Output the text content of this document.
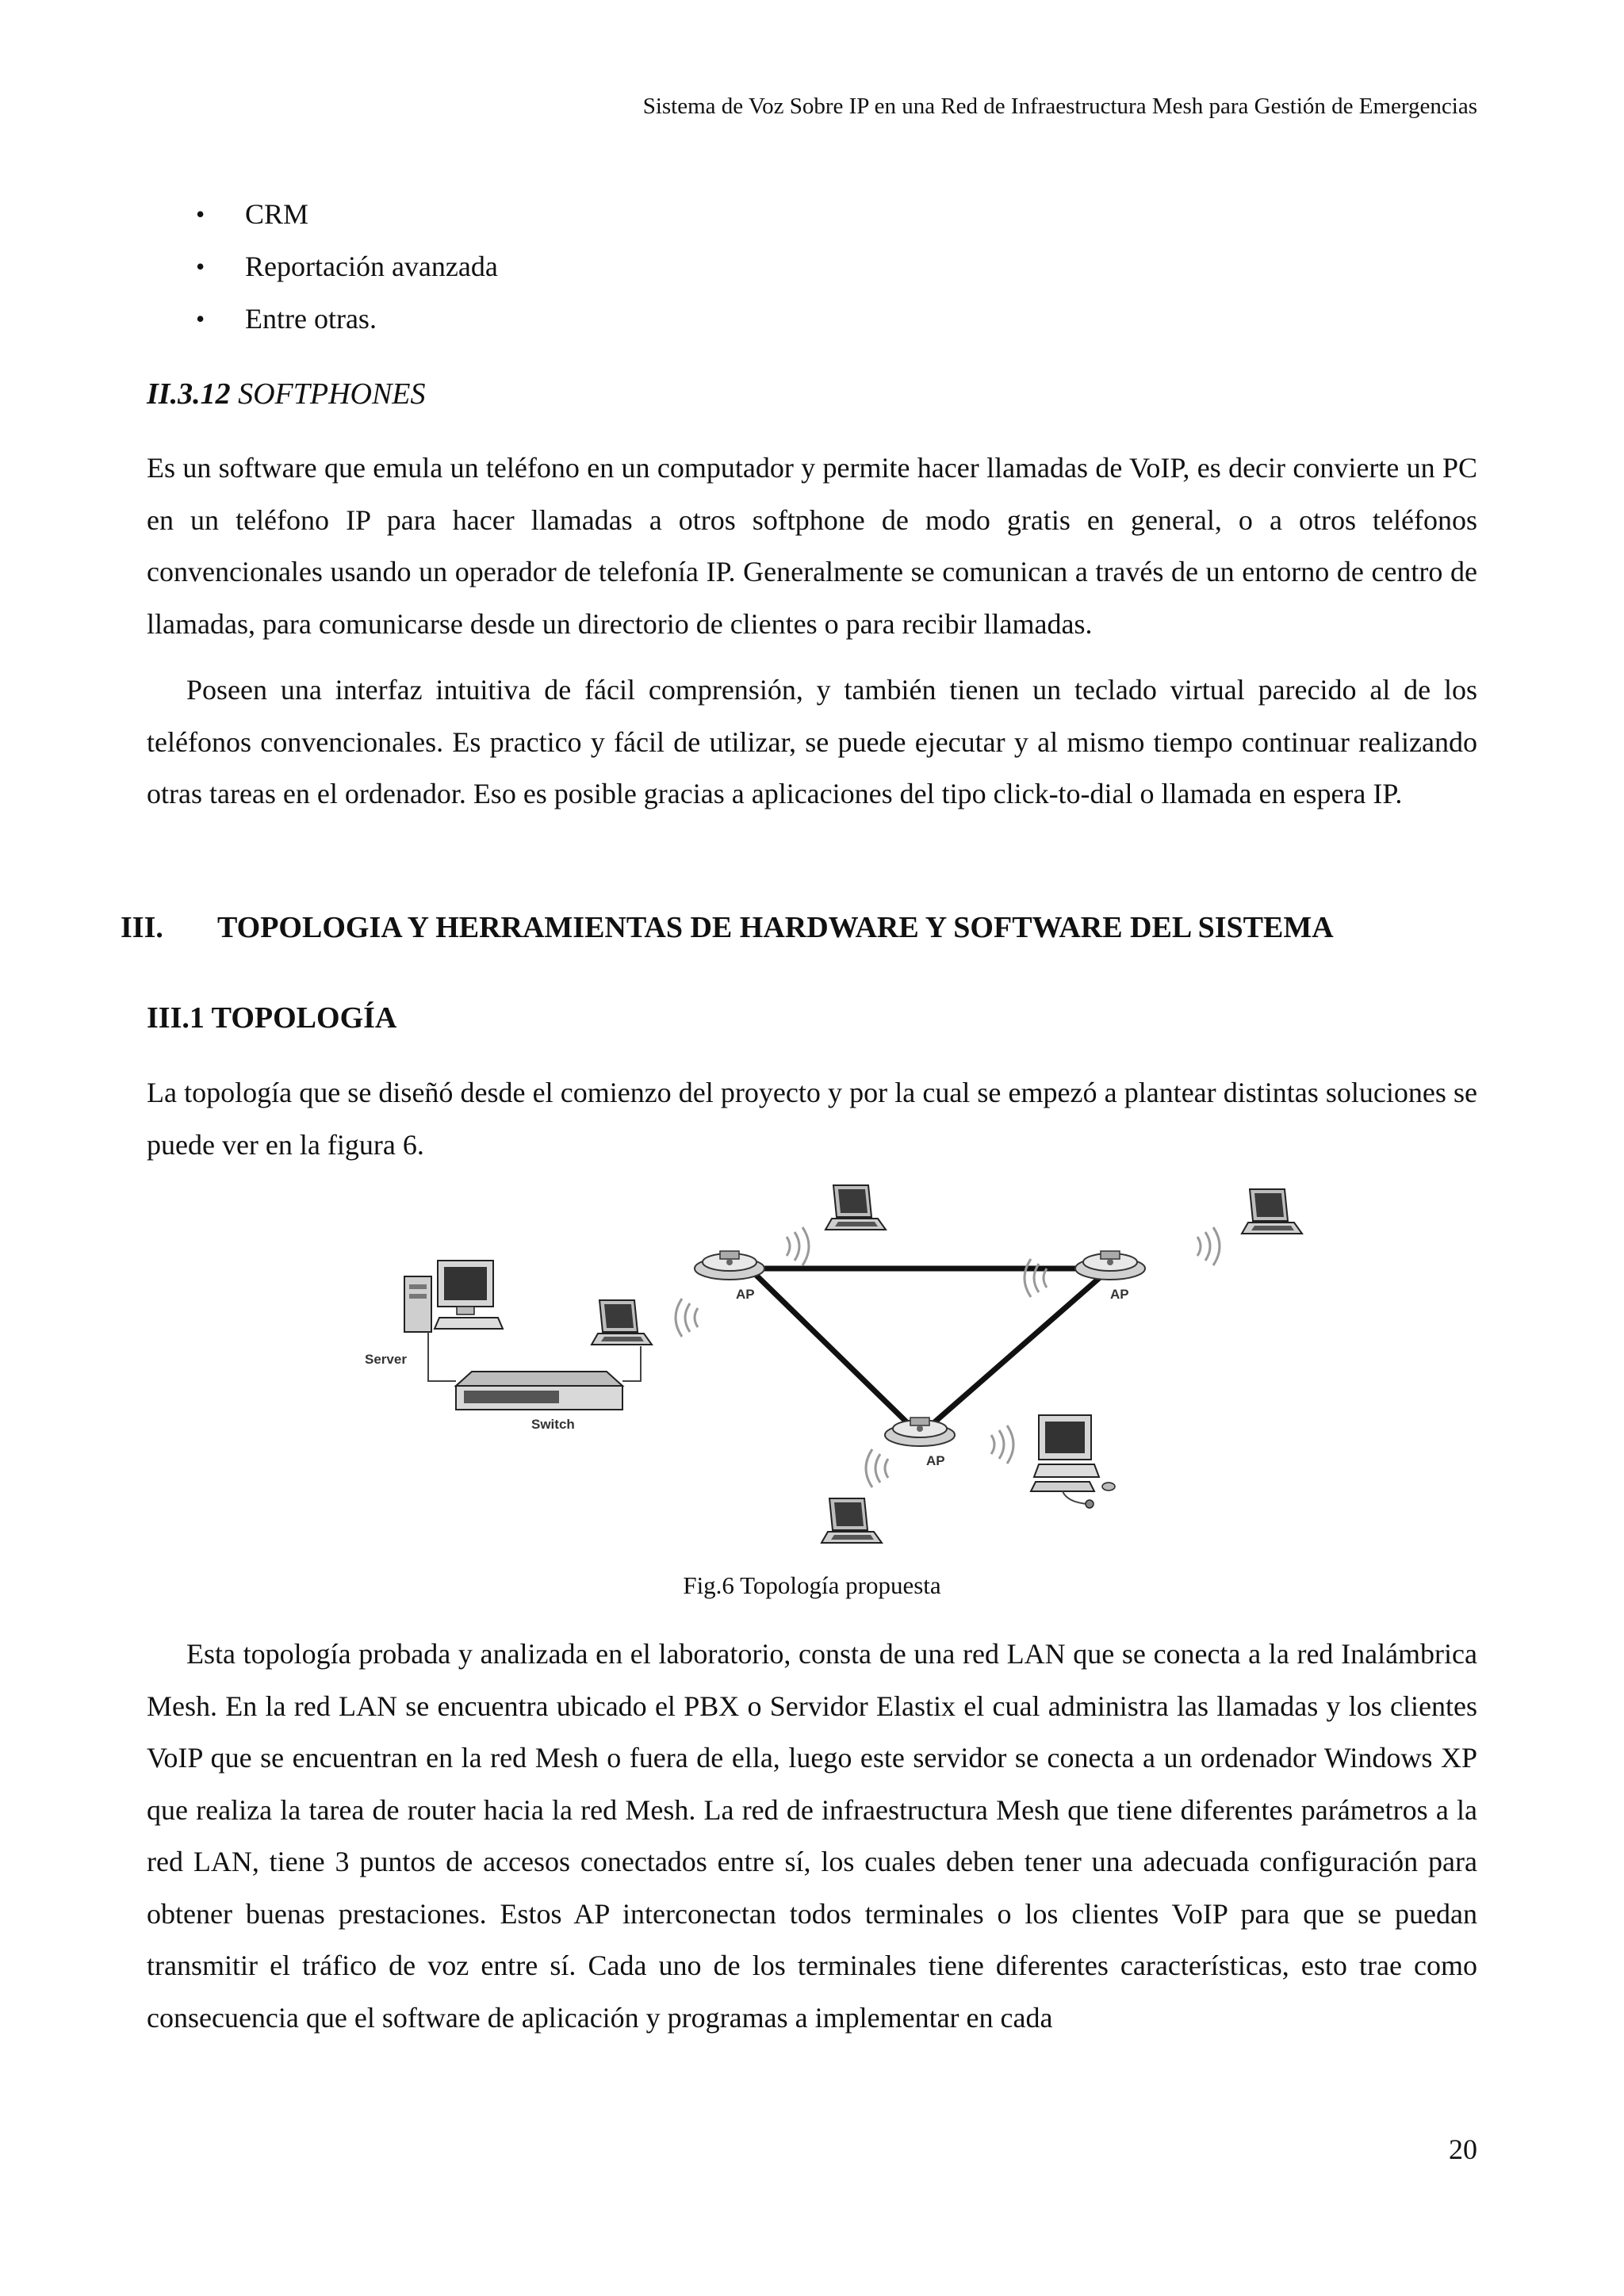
Sistema de Voz Sobre IP en una Red de Infraestructura Mesh para Gestión de Emergencias
• CRM
• Reportación avanzada
• Entre otras.
II.3.12 SOFTPHONES

Es un software que emula un teléfono en un computador y permite hacer llamadas de VoIP, es decir convierte un PC en un teléfono IP para hacer llamadas a otros softphone de modo gratis en general, o a otros teléfonos convencionales usando un operador de telefonía IP. Generalmente se comunican a través de un entorno de centro de llamadas, para comunicarse desde un directorio de clientes o para recibir llamadas.

Poseen una interfaz intuitiva de fácil comprensión, y también tienen un teclado virtual parecido al de los teléfonos convencionales. Es practico y fácil de utilizar, se puede ejecutar y al mismo tiempo continuar realizando otras tareas en el ordenador. Eso es posible gracias a aplicaciones del tipo click-to-dial o llamada en espera IP.

III. TOPOLOGIA Y HERRAMIENTAS DE HARDWARE Y SOFTWARE DEL SISTEMA
III.1 TOPOLOGÍA

La topología que se diseñó desde el comienzo del proyecto y por la cual se empezó a plantear distintas soluciones se puede ver en la figura 6.

Server
Switch
AP	AP
AP
Fig.6 Topología propuesta

Esta topología probada y analizada en el laboratorio, consta de una red LAN que se conecta a la red Inalámbrica Mesh. En la red LAN se encuentra ubicado el PBX o Servidor Elastix el cual administra las llamadas y los clientes VoIP que se encuentran en la red Mesh o fuera de ella, luego este servidor se conecta a un ordenador Windows XP que realiza la tarea de router hacia la red Mesh. La red de infraestructura Mesh que tiene diferentes parámetros a la red LAN, tiene 3 puntos de accesos conectados entre sí, los cuales deben tener una adecuada configuración para obtener buenas prestaciones. Estos AP interconectan todos terminales o los clientes VoIP para que se puedan transmitir el tráfico de voz entre sí. Cada uno de los terminales tiene diferentes características, esto trae como consecuencia que el software de aplicación y programas a implementar en cada

20
